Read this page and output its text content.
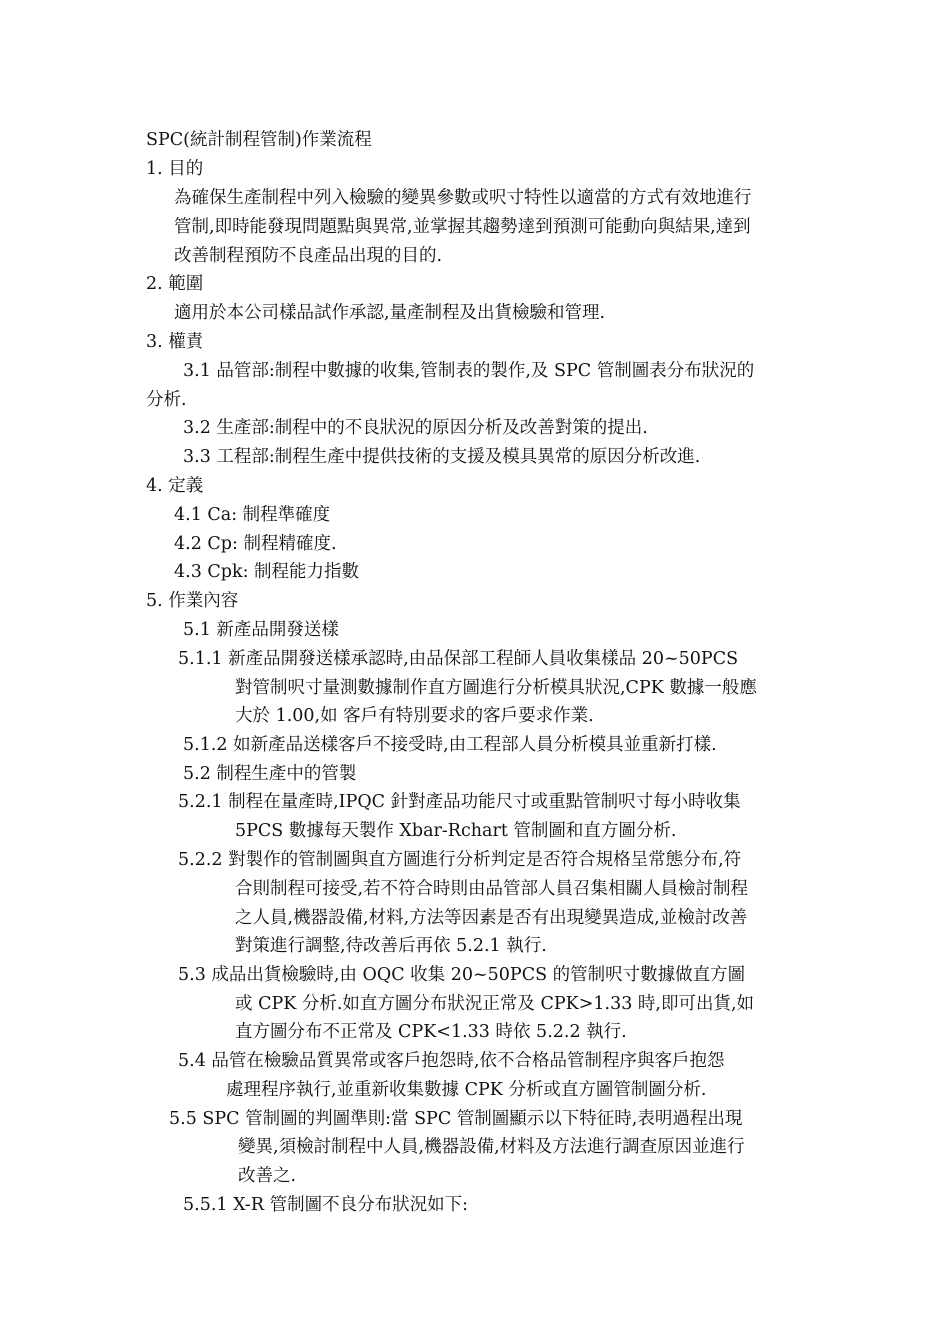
SPC(統計制程管制)作業流程
1. 目的
為確保生產制程中列入檢驗的變異參數或呎寸特性以適當的方式有效地進行
管制,即時能發現問題點與異常,並掌握其趨勢達到預測可能動向與結果,達到
改善制程預防不良產品出現的目的.
2. 範圍
適用於本公司樣品試作承認,量產制程及出貨檢驗和管理.
3. 權責
3.1 品管部:制程中數據的收集,管制表的製作,及 SPC 管制圖表分布狀況的
分析.
3.2 生產部:制程中的不良狀況的原因分析及改善對策的提出.
3.3 工程部:制程生產中提供技術的支援及模具異常的原因分析改進.
4. 定義
4.1 Ca: 制程準確度
4.2 Cp: 制程精確度.
4.3 Cpk: 制程能力指數
5. 作業內容
5.1 新產品開發送樣
5.1.1 新產品開發送樣承認時,由品保部工程師人員收集樣品 20~50PCS
對管制呎寸量測數據制作直方圖進行分析模具狀況,CPK 數據一般應
大於 1.00,如 客戶有特別要求的客戶要求作業.
5.1.2 如新產品送樣客戶不接受時,由工程部人員分析模具並重新打樣.
5.2 制程生產中的管製
5.2.1 制程在量產時,IPQC 針對產品功能尺寸或重點管制呎寸每小時收集
5PCS 數據每天製作 Xbar-Rchart 管制圖和直方圖分析.
5.2.2 對製作的管制圖與直方圖進行分析判定是否符合規格呈常態分布,符
合則制程可接受,若不符合時則由品管部人員召集相關人員檢討制程
之人員,機器設備,材料,方法等因素是否有出現變異造成,並檢討改善
對策進行調整,待改善后再依 5.2.1 執行.
5.3 成品出貨檢驗時,由 OQC 收集 20~50PCS 的管制呎寸數據做直方圖
或 CPK 分析.如直方圖分布狀況正常及 CPK>1.33 時,即可出貨,如
直方圖分布不正常及 CPK<1.33 時依 5.2.2 執行.
5.4 品管在檢驗品質異常或客戶抱怨時,依不合格品管制程序與客戶抱怨
處理程序執行,並重新收集數據 CPK 分析或直方圖管制圖分析.
5.5 SPC 管制圖的判圖準則:當 SPC 管制圖顯示以下特征時,表明過程出現
變異,須檢討制程中人員,機器設備,材料及方法進行調查原因並進行
改善之.
5.5.1 X-R 管制圖不良分布狀況如下:
